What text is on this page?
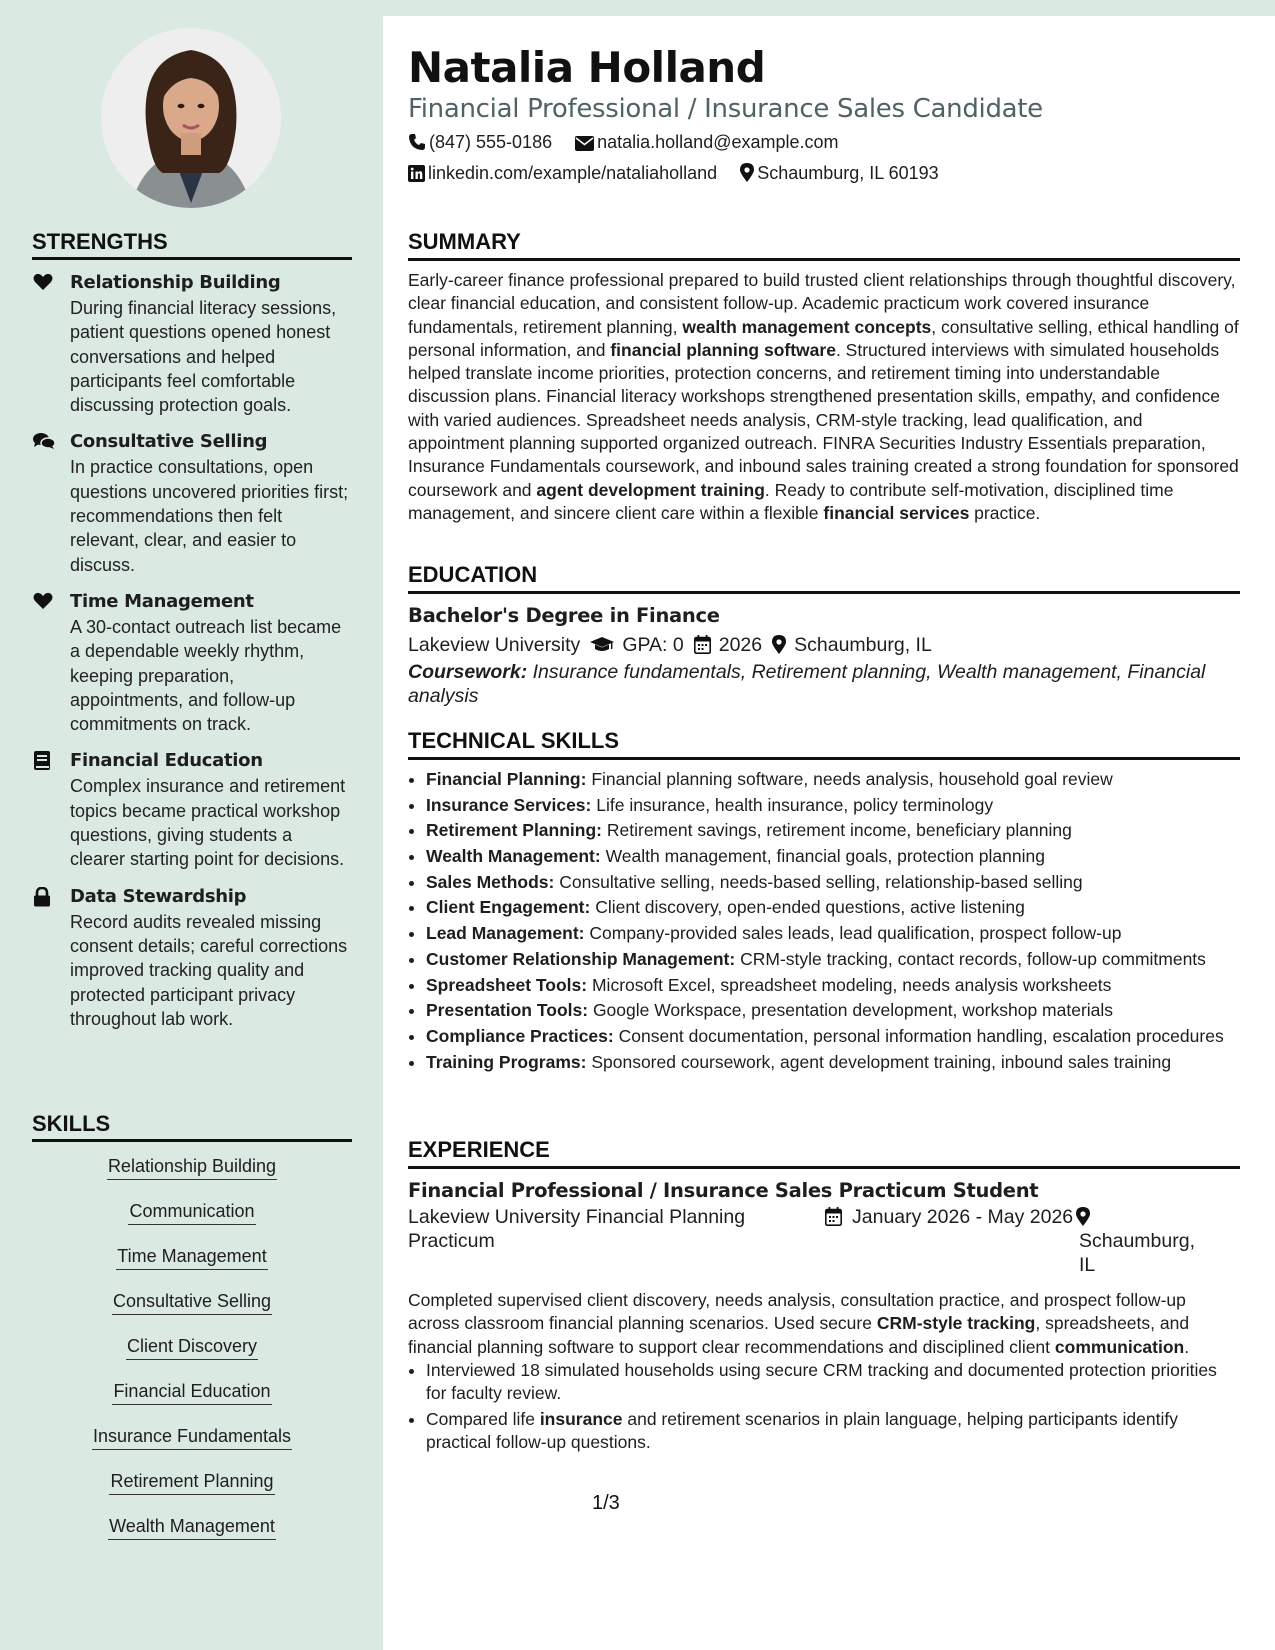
STRENGTHS
Relationship Building
During financial literacy sessions, patient questions opened honest conversations and helped participants feel comfortable discussing protection goals.
Consultative Selling
In practice consultations, open questions uncovered priorities first; recommendations then felt relevant, clear, and easier to discuss.
Time Management
A 30-contact outreach list became a dependable weekly rhythm, keeping preparation, appointments, and follow-up commitments on track.
Financial Education
Complex insurance and retirement topics became practical workshop questions, giving students a clearer starting point for decisions.
Data Stewardship
Record audits revealed missing consent details; careful corrections improved tracking quality and protected participant privacy throughout lab work.
SKILLS
Relationship Building
Communication
Time Management
Consultative Selling
Client Discovery
Financial Education
Insurance Fundamentals
Retirement Planning
Wealth Management
Natalia Holland
Financial Professional / Insurance Sales Candidate
(847) 555-0186	natalia.holland@example.com
linkedin.com/example/nataliaholland Schaumburg, IL 60193
SUMMARY

Early-career finance professional prepared to build trusted client relationships through thoughtful discovery, clear financial education, and consistent follow-up. Academic practicum work covered insurance fundamentals, retirement planning, wealth management concepts, consultative selling, ethical handling of personal information, and financial planning software. Structured interviews with simulated households helped translate income priorities, protection concerns, and retirement timing into understandable discussion plans. Financial literacy workshops strengthened presentation skills, empathy, and confidence with varied audiences. Spreadsheet needs analysis, CRM-style tracking, lead qualification, and appointment planning supported organized outreach. FINRA Securities Industry Essentials preparation, Insurance Fundamentals coursework, and inbound sales training created a strong foundation for sponsored coursework and agent development training. Ready to contribute self-motivation, disciplined time management, and sincere client care within a flexible financial services practice.

EDUCATION
Bachelor's Degree in Finance
Lakeview University GPA: 0 2026 Schaumburg, IL
Coursework: Insurance fundamentals, Retirement planning, Wealth management, Financial analysis
TECHNICAL SKILLS
• Financial Planning: Financial planning software, needs analysis, household goal review
• Insurance Services: Life insurance, health insurance, policy terminology
• Retirement Planning: Retirement savings, retirement income, beneficiary planning
• Wealth Management: Wealth management, financial goals, protection planning
• Sales Methods: Consultative selling, needs-based selling, relationship-based selling
• Client Engagement: Client discovery, open-ended questions, active listening
• Lead Management: Company-provided sales leads, lead qualification, prospect follow-up
• Customer Relationship Management: CRM-style tracking, contact records, follow-up commitments
• Spreadsheet Tools: Microsoft Excel, spreadsheet modeling, needs analysis worksheets
• Presentation Tools: Google Workspace, presentation development, workshop materials
• Compliance Practices: Consent documentation, personal information handling, escalation procedures
• Training Programs: Sponsored coursework, agent development training, inbound sales training
EXPERIENCE
Financial Professional / Insurance Sales Practicum Student
Lakeview University Financial Planning Practicum
January 2026 - May 2026
Schaumburg, IL

Completed supervised client discovery, needs analysis, consultation practice, and prospect follow-up across classroom financial planning scenarios. Used secure CRM-style tracking, spreadsheets, and financial planning software to support clear recommendations and disciplined client communication.

• Interviewed 18 simulated households using secure CRM tracking and documented protection priorities for faculty review.
• Compared life insurance and retirement scenarios in plain language, helping participants identify practical follow-up questions.
1/3
